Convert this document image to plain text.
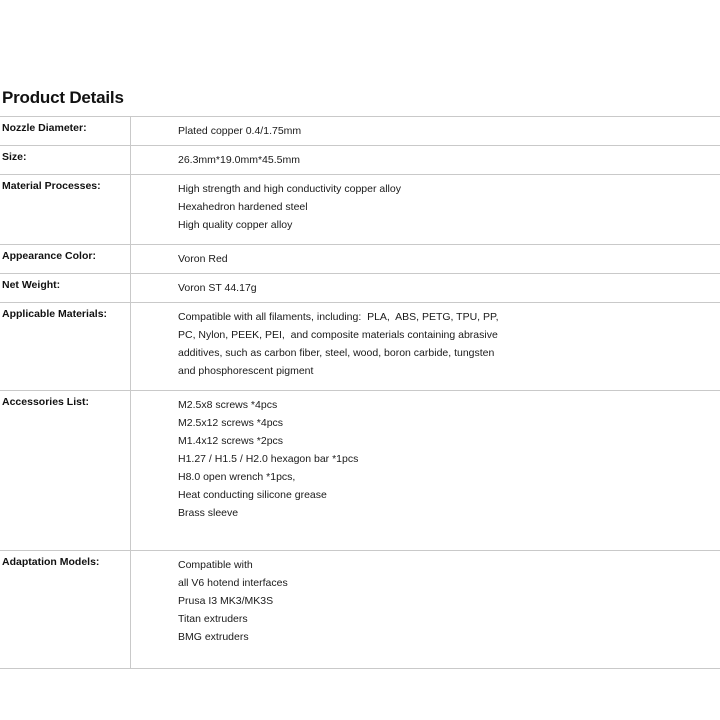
Product Details
Nozzle Diameter:	Plated copper 0.4/1.75mm

Size:	26.3mm*19.0mm*45.5mm

Material Processes:	High strength and high conductivity copper alloy
Hexahedron hardened steel
High quality copper alloy

Appearance Color:	Voron Red

Net Weight:	Voron ST 44.17g

Applicable Materials:	Compatible with all filaments, including:  PLA,  ABS, PETG, TPU, PP,
PC, Nylon, PEEK, PEI,  and composite materials containing abrasive
additives, such as carbon fiber, steel, wood, boron carbide, tungsten
and phosphorescent pigment

Accessories List:	M2.5x8 screws *4pcs
M2.5x12 screws *4pcs
M1.4x12 screws *2pcs
H1.27 / H1.5 / H2.0 hexagon bar *1pcs
H8.0 open wrench *1pcs,
Heat conducting silicone grease
Brass sleeve

Adaptation Models:	Compatible with
all V6 hotend interfaces
Prusa I3 MK3/MK3S
Titan extruders
BMG extruders
